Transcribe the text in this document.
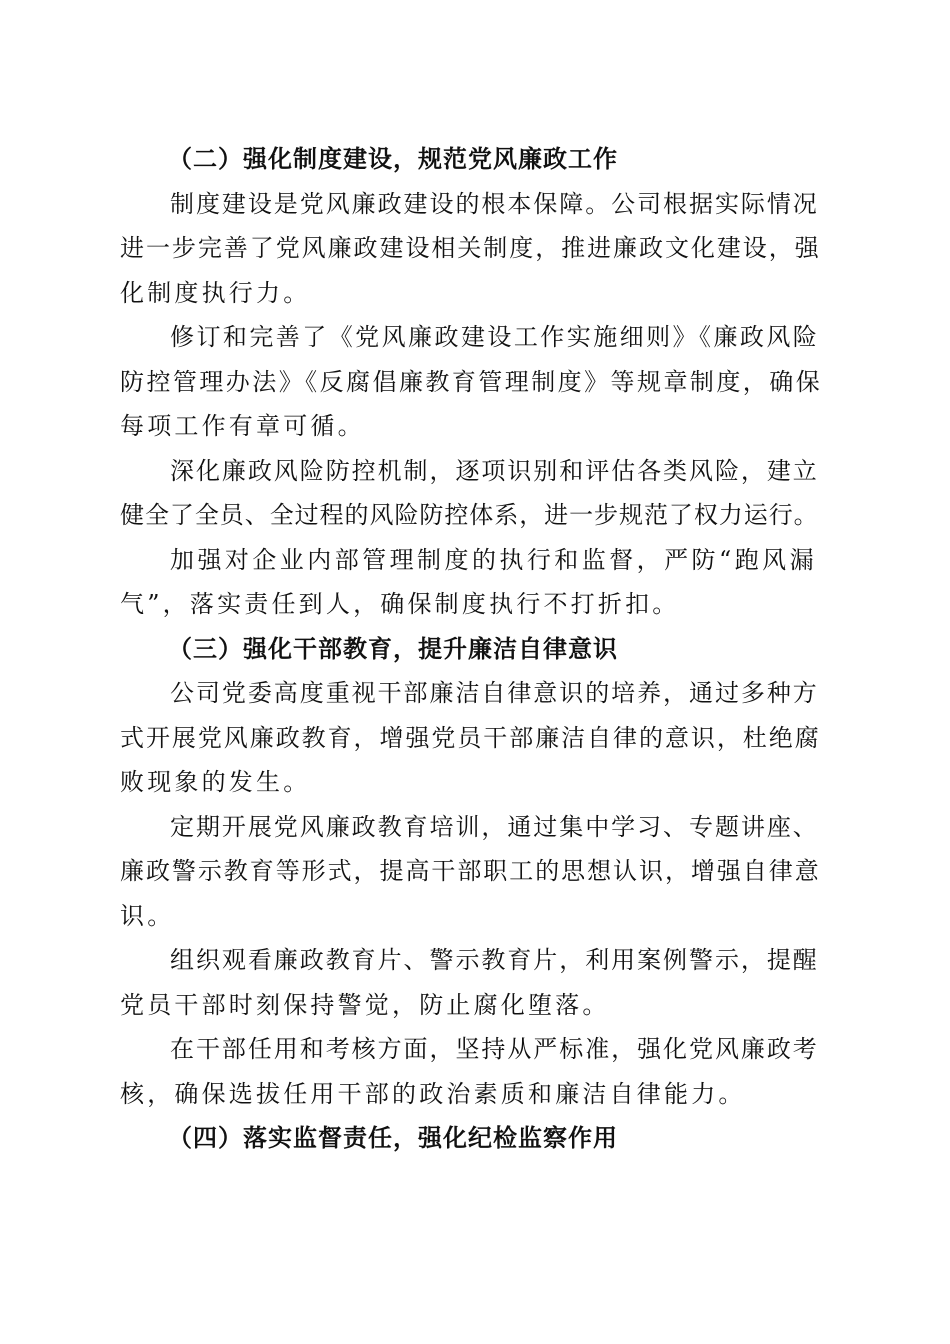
（二）强化制度建设，规范党风廉政工作

制度建设是党风廉政建设的根本保障。公司根据实际情况
进一步完善了党风廉政建设相关制度，推进廉政文化建设，强
化制度执行力。

修订和完善了《党风廉政建设工作实施细则》《廉政风险
防控管理办法》《反腐倡廉教育管理制度》等规章制度，确保
每项工作有章可循。

深化廉政风险防控机制，逐项识别和评估各类风险，建立
健全了全员、全过程的风险防控体系，进一步规范了权力运行。

加强对企业内部管理制度的执行和监督，严防“跑风漏
气”，落实责任到人，确保制度执行不打折扣。

（三）强化干部教育，提升廉洁自律意识

公司党委高度重视干部廉洁自律意识的培养，通过多种方
式开展党风廉政教育，增强党员干部廉洁自律的意识，杜绝腐
败现象的发生。

定期开展党风廉政教育培训，通过集中学习、专题讲座、
廉政警示教育等形式，提高干部职工的思想认识，增强自律意
识。

组织观看廉政教育片、警示教育片，利用案例警示，提醒
党员干部时刻保持警觉，防止腐化堕落。

在干部任用和考核方面，坚持从严标准，强化党风廉政考
核，确保选拔任用干部的政治素质和廉洁自律能力。

（四）落实监督责任，强化纪检监察作用
